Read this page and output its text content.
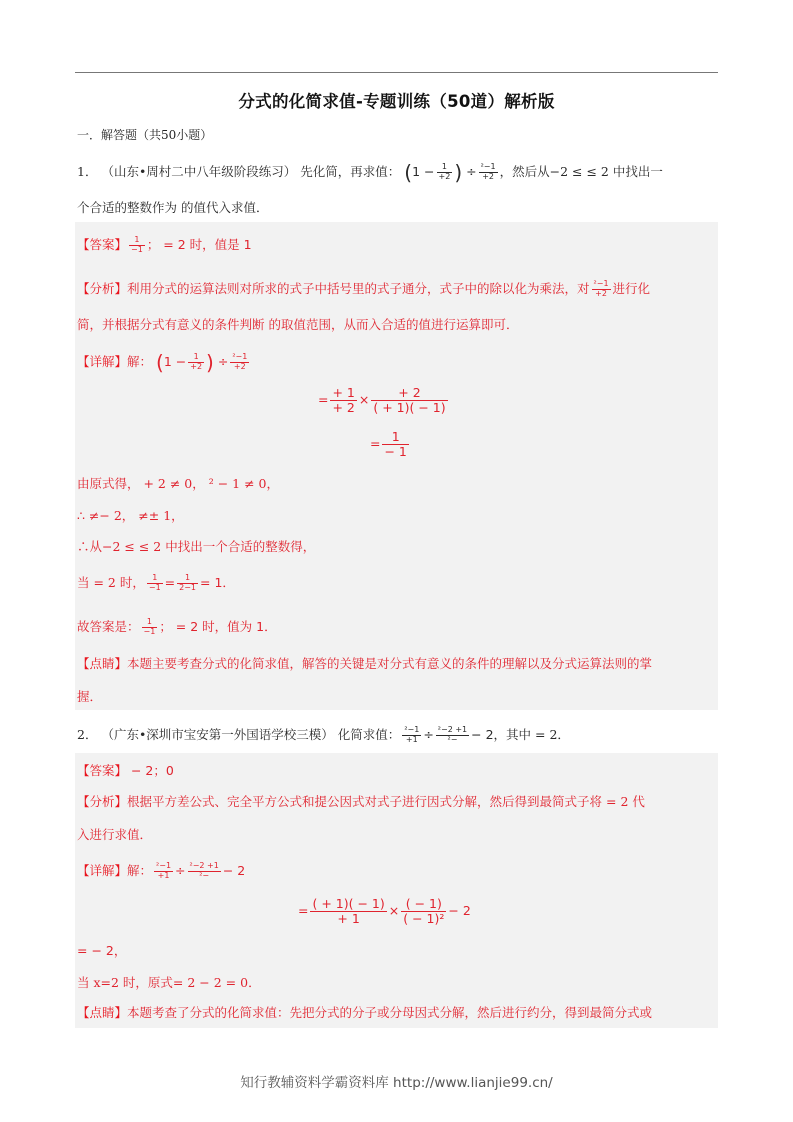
分式的化简求值-专题训练（50道）解析版
一．解答题（共50小题）
1． （山东•周村二中八年级阶段练习） 先化简，再求值： ($1 - \frac{1}{+2}$ ) ÷ $\frac{\text{²−1}}{+2}$ ，然后从−2 ≤ ≤ 2 中找出一
个合适的整数作为 的值代入求值．
【答案】 $\frac{1}{-1}$ ； = 2 时，值是 1
【分析】利用分式的运算法则对所求的式子中括号里的式子通分，式子中的除以化为乘法，对 $\frac{\text{²−1}}{+2}$ 进行化
简，并根据分式有意义的条件判断 的取值范围，从而入合适的值进行运算即可．
【详解】解： ($1 - \frac{1}{+2}$ ) ÷ $\frac{\text{²−1}}{+2}$
= $\frac{+ 1}{+ 2} \times \frac{+ 2}{( + 1)( - 1)}$
= $\frac{1}{- 1}$
由原式得， + 2 ≠ 0， ² − 1 ≠ 0，
∴ ≠− 2， ≠± 1，
∴从−2 ≤ ≤ 2 中找出一个合适的整数得，
当 = 2 时， $\frac{1}{-1} = \frac{1}{2-1} = 1$．
故答案是： $\frac{1}{-1}$ ； = 2 时，值为 1．
【点睛】本题主要考查分式的化简求值，解答的关键是对分式有意义的条件的理解以及分式运算法则的掌
握．
2． （广东•深圳市宝安第一外国语学校三模） 化简求值： $\frac{\text{²−1}}{+1} \div \frac{\text{²−2 +1}}{\text{²−}} - 2$，其中 = 2．
【答案】 − 2；0
【分析】根据平方差公式、完全平方公式和提公因式对式子进行因式分解，然后得到最简式子将 = 2 代
入进行求值．
【详解】解： $\frac{\text{²−1}}{+1} \div \frac{\text{²−2 +1}}{\text{²−}} - 2$
= $\frac{( + 1)( - 1)}{+ 1} \times \frac{( - 1)}{\text{( − 1)²}} - 2$
= − 2，
当 x=2 时，原式= 2 − 2 = 0．
【点睛】本题考查了分式的化简求值：先把分式的分子或分母因式分解，然后进行约分，得到最简分式或
知行教辅资料学霸资料库 http://www.lianjie99.cn/
